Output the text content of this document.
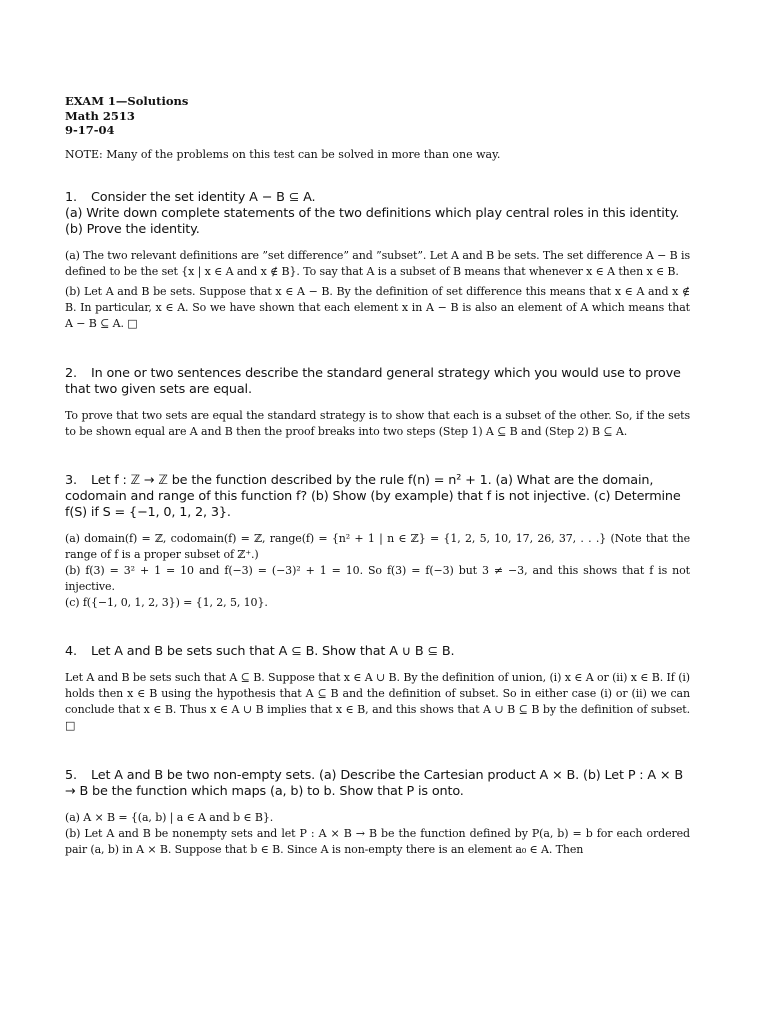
EXAM 1—Solutions

Math 2513

9-17-04

NOTE: Many of the problems on this test can be solved in more than one way.

1. Consider the set identity A − B ⊆ A.

(a) Write down complete statements of the two definitions which play central roles in this identity.

(b) Prove the identity.

(a) The two relevant definitions are ”set difference” and ”subset”. Let A and B be sets. The set difference A − B is defined to be the set {x | x ∈ A and x ∉ B}. To say that A is a subset of B means that whenever x ∈ A then x ∈ B.

(b) Let A and B be sets. Suppose that x ∈ A − B. By the definition of set difference this means that x ∈ A and x ∉ B. In particular, x ∈ A. So we have shown that each element x in A − B is also an element of A which means that A − B ⊆ A. □

2. In one or two sentences describe the standard general strategy which you would use to prove that two given sets are equal.

To prove that two sets are equal the standard strategy is to show that each is a subset of the other. So, if the sets to be shown equal are A and B then the proof breaks into two steps (Step 1) A ⊆ B and (Step 2) B ⊆ A.

3. Let f : ℤ → ℤ be the function described by the rule f(n) = n² + 1. (a) What are the domain, codomain and range of this function f? (b) Show (by example) that f is not injective. (c) Determine f(S) if S = {−1, 0, 1, 2, 3}.

(a) domain(f) = ℤ, codomain(f) = ℤ, range(f) = {n² + 1 | n ∈ ℤ} = {1, 2, 5, 10, 17, 26, 37, . . .} (Note that the range of f is a proper subset of ℤ⁺.)

(b) f(3) = 3² + 1 = 10 and f(−3) = (−3)² + 1 = 10. So f(3) = f(−3) but 3 ≠ −3, and this shows that f is not injective.

(c) f({−1, 0, 1, 2, 3}) = {1, 2, 5, 10}.

4. Let A and B be sets such that A ⊆ B. Show that A ∪ B ⊆ B.

Let A and B be sets such that A ⊆ B. Suppose that x ∈ A ∪ B. By the definition of union, (i) x ∈ A or (ii) x ∈ B. If (i) holds then x ∈ B using the hypothesis that A ⊆ B and the definition of subset. So in either case (i) or (ii) we can conclude that x ∈ B. Thus x ∈ A ∪ B implies that x ∈ B, and this shows that A ∪ B ⊆ B by the definition of subset. □

5. Let A and B be two non-empty sets. (a) Describe the Cartesian product A × B. (b) Let P : A × B → B be the function which maps (a, b) to b. Show that P is onto.

(a) A × B = {(a, b) | a ∈ A and b ∈ B}.

(b) Let A and B be nonempty sets and let P : A × B → B be the function defined by P(a, b) = b for each ordered pair (a, b) in A × B. Suppose that b ∈ B. Since A is non-empty there is an element a₀ ∈ A. Then
